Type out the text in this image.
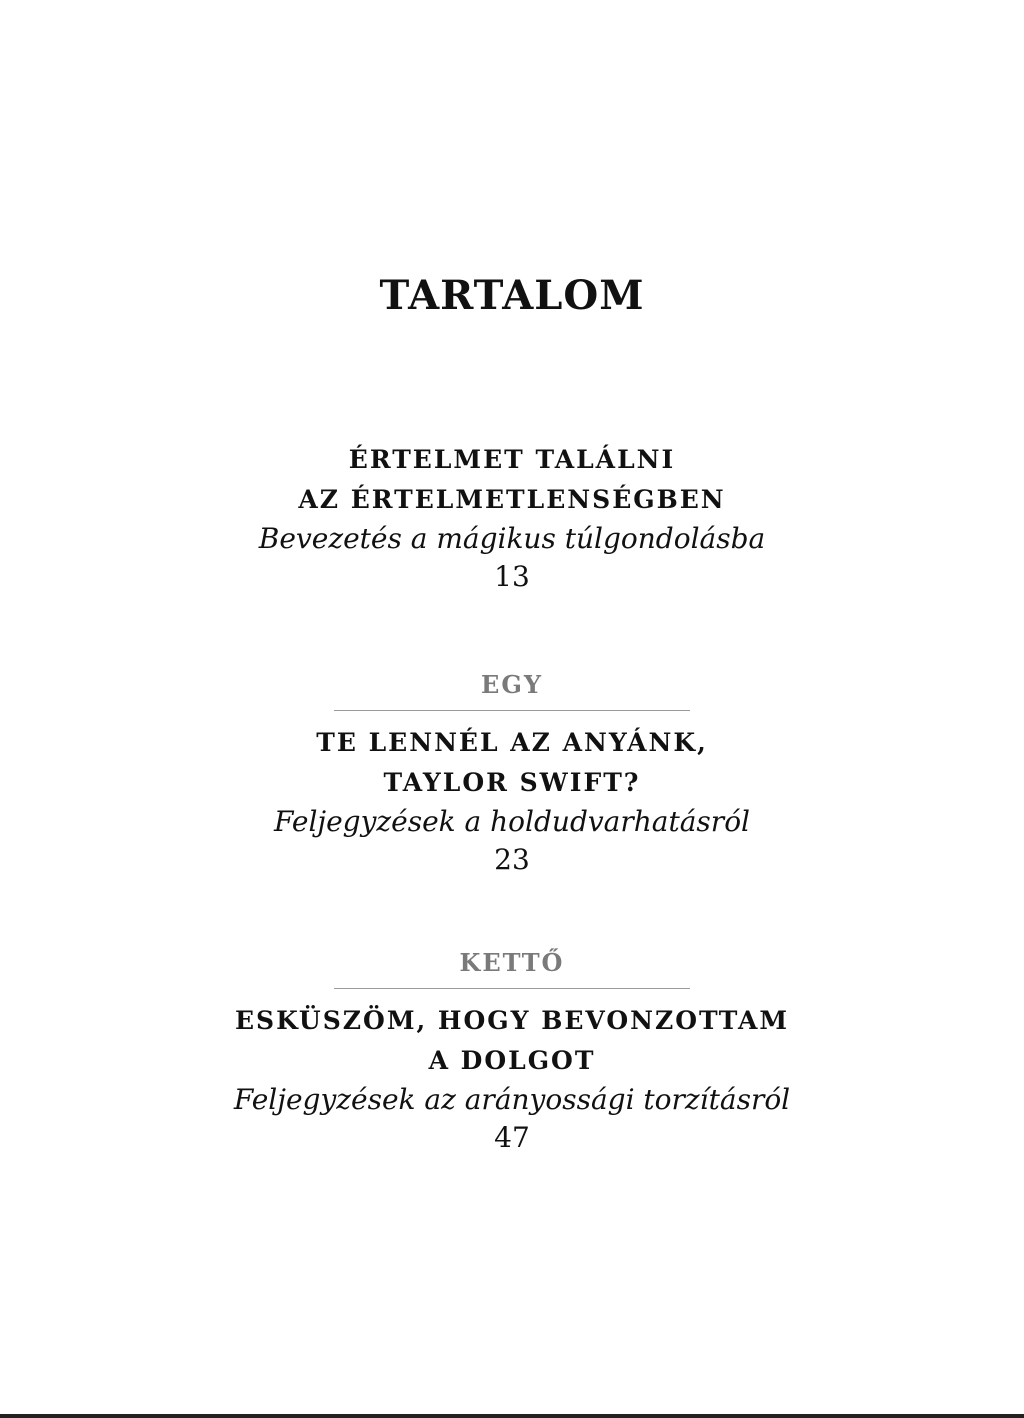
TARTALOM
ÉRTELMET TALÁLNI
AZ ÉRTELMETLENSÉGBEN
Bevezetés a mágikus túlgondolásba
13
EGY
TE LENNÉL AZ ANYÁNK,
TAYLOR SWIFT?
Feljegyzések a holdudvarhatásról
23
KETTŐ
ESKÜSZÖM, HOGY BEVONZOTTAM
A DOLGOT
Feljegyzések az arányossági torzításról
47
